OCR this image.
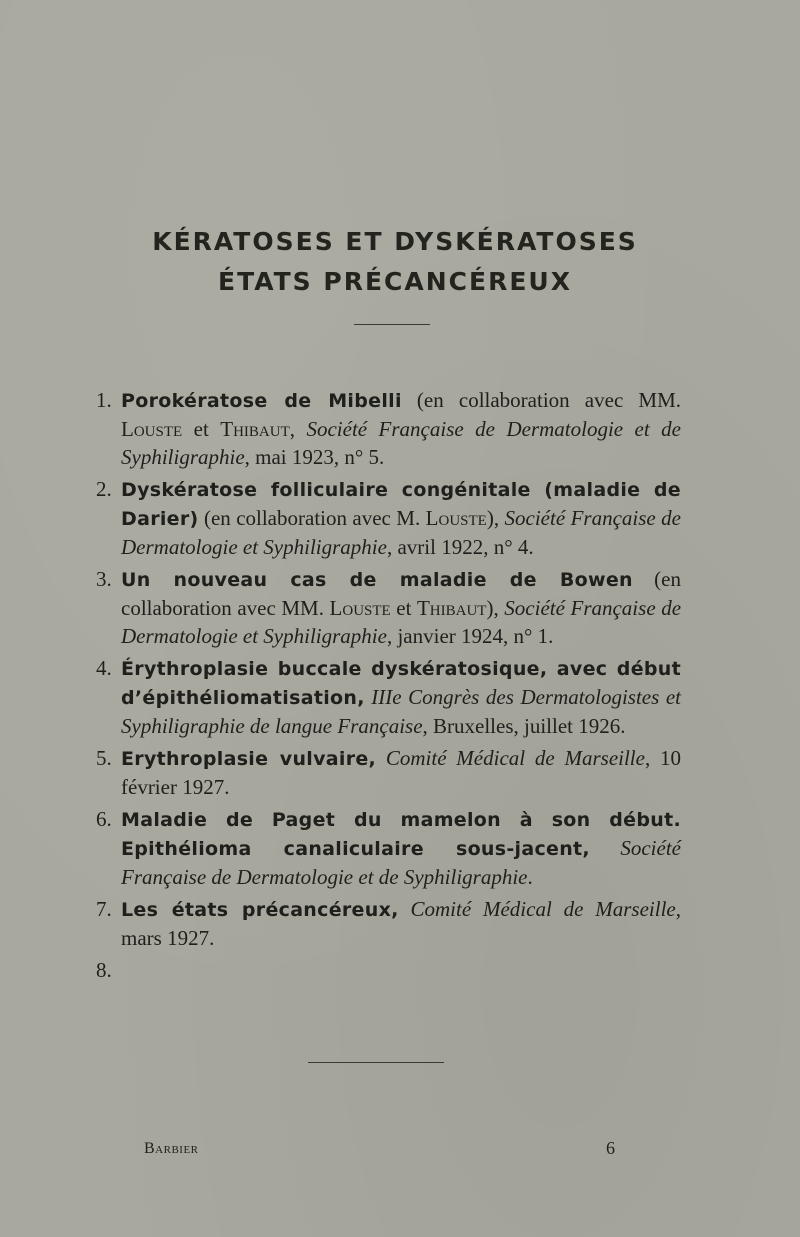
KÉRATOSES ET DYSKÉRATOSES
ÉTATS PRÉCANCÉREUX
1. Porokératose de Mibelli (en collaboration avec MM. Louste et Thibaut, Société Française de Dermatologie et de Syphiligraphie, mai 1923, n° 5.
2. Dyskératose folliculaire congénitale (maladie de Darier) (en collaboration avec M. Louste), Société Française de Dermatologie et Syphiligraphie, avril 1922, n° 4.
3. Un nouveau cas de maladie de Bowen (en collaboration avec MM. Louste et Thibaut), Société Française de Dermatologie et Syphiligraphie, janvier 1924, n° 1.
4. Érythroplasie buccale dyskératosique, avec début d’épithéliomatisation, IIIe Congrès des Dermatologistes et Syphiligraphie de langue Française, Bruxelles, juillet 1926.
5. Erythroplasie vulvaire, Comité Médical de Marseille, 10 février 1927.
6. Maladie de Paget du mamelon à son début. Epithélioma canaliculaire sous-jacent, Société Française de Dermatologie et de Syphiligraphie.
7. Les états précancéreux, Comité Médical de Marseille, mars 1927.
8.

Barbier	6
